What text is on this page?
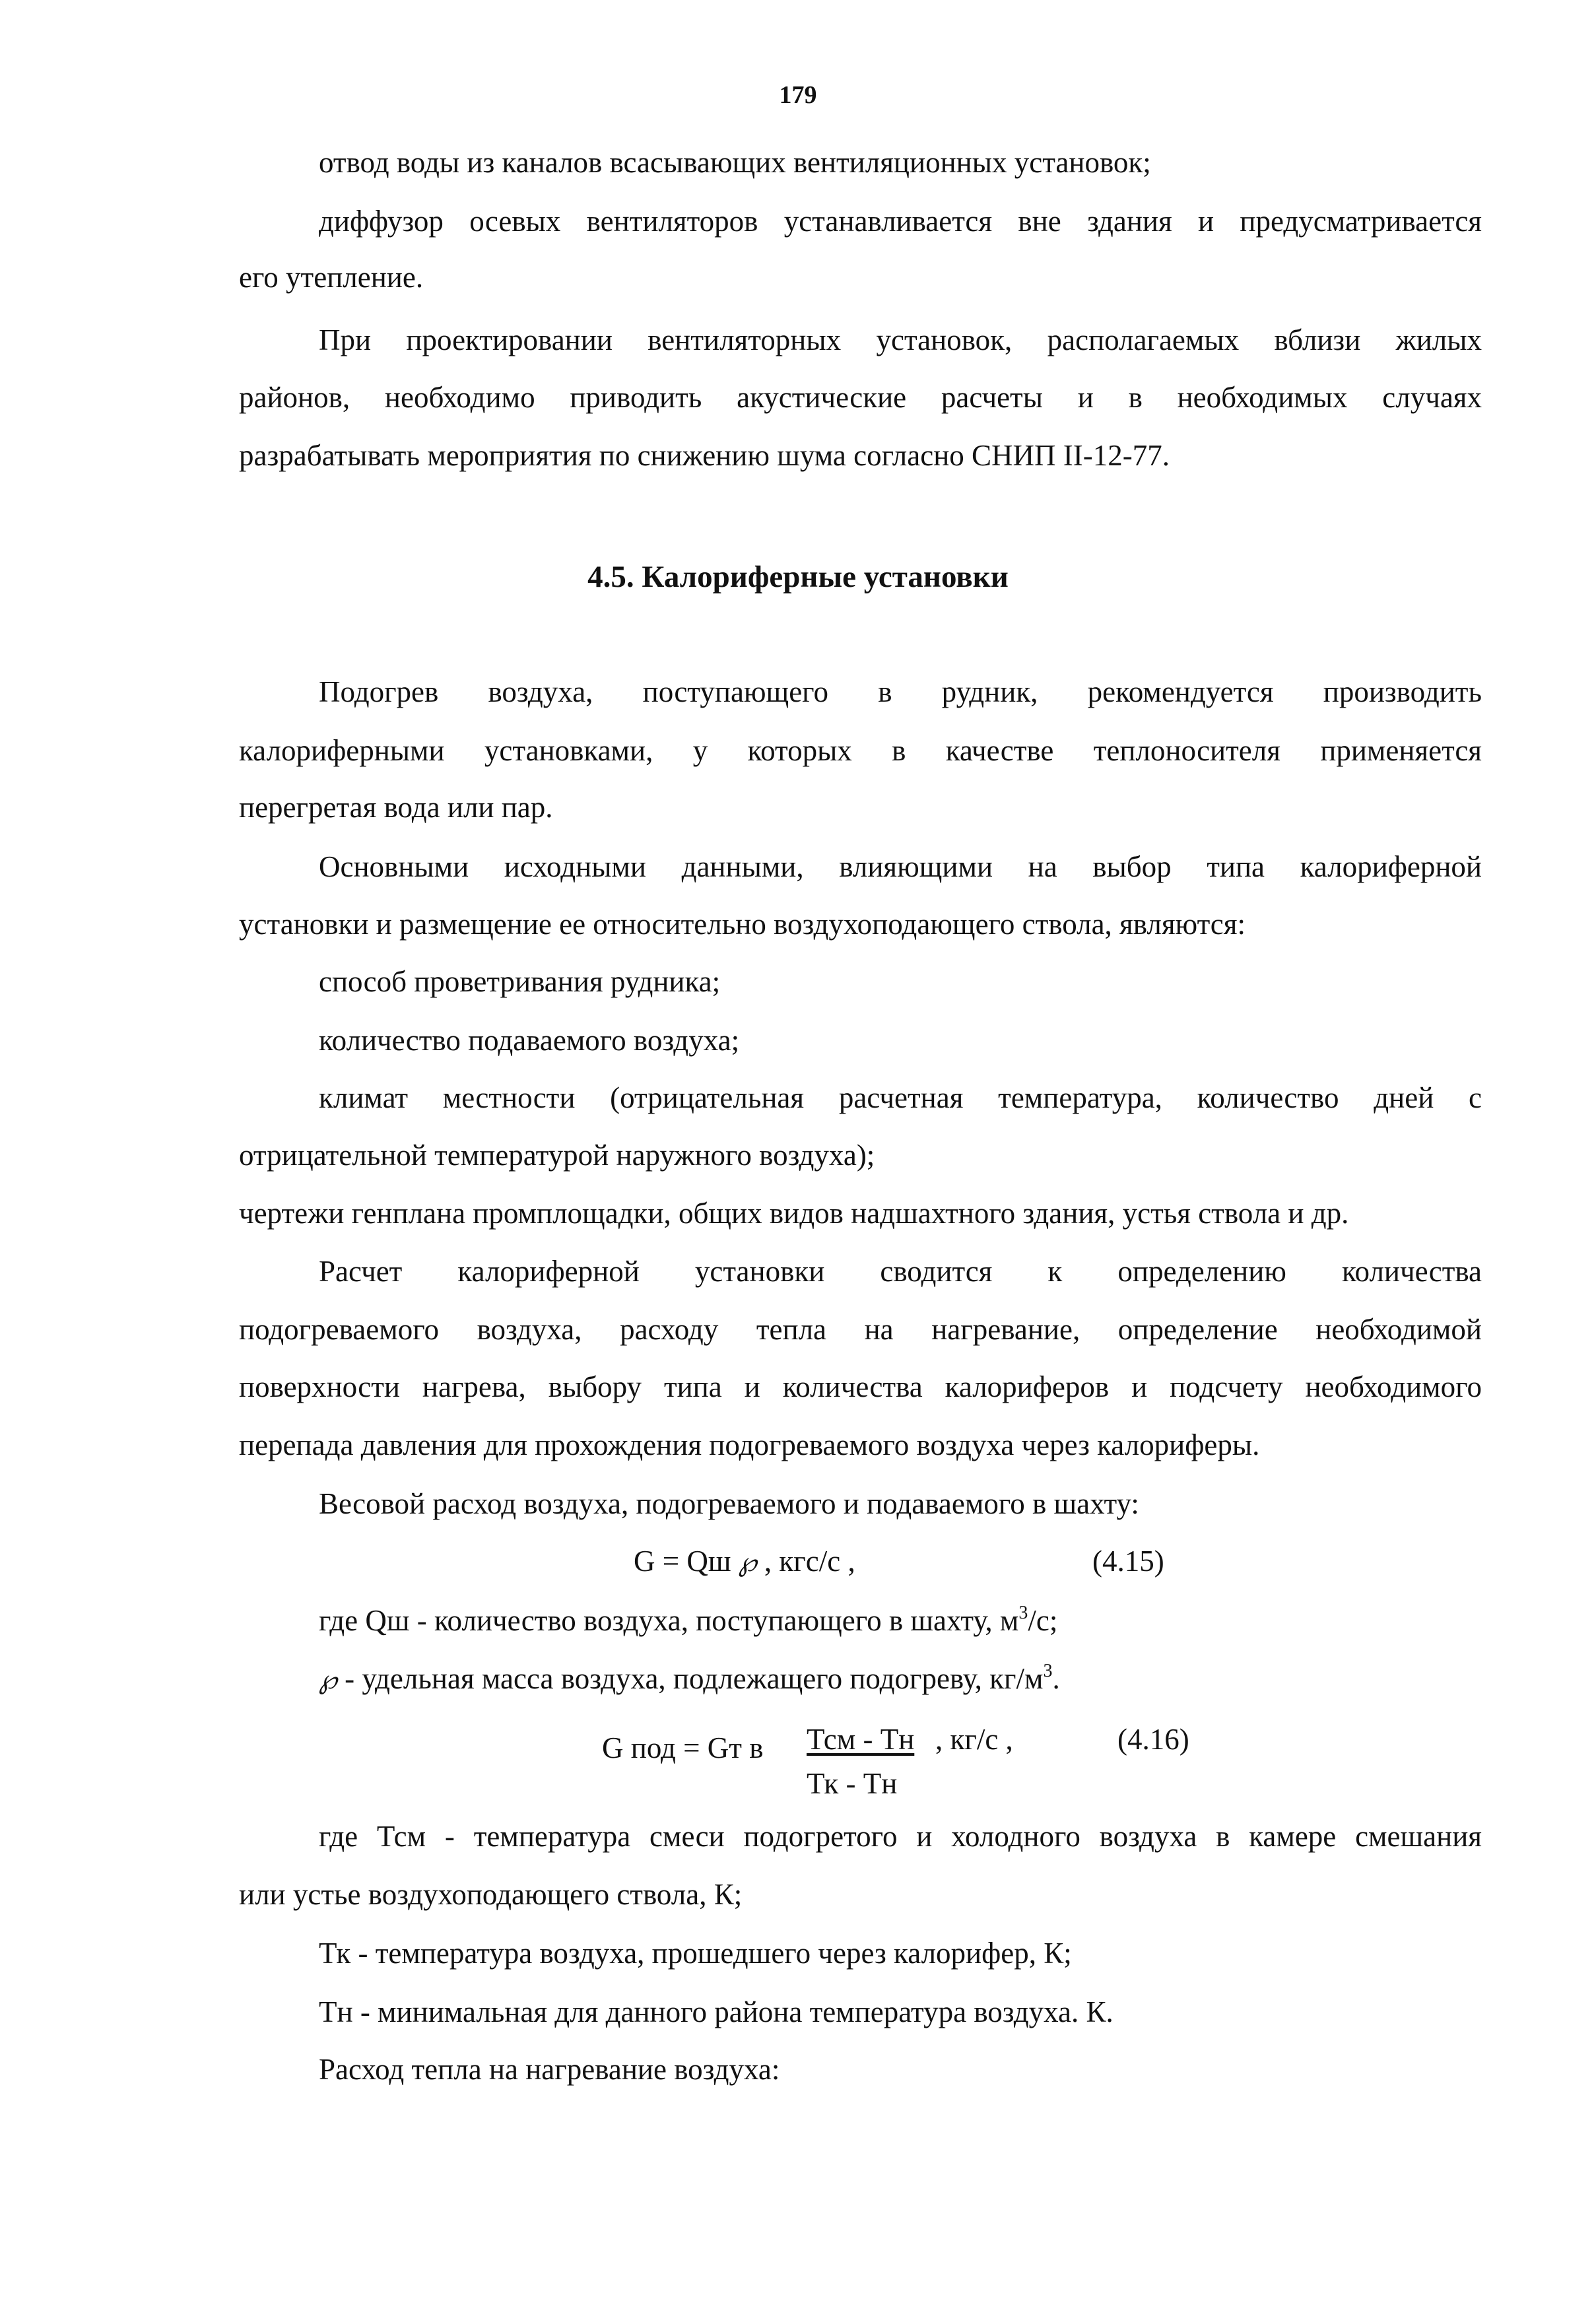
179
отвод воды из каналов всасывающих вентиляционных установок;
диффузор осевых вентиляторов устанавливается вне здания и предусматривается
его утепление.
При проектировании вентиляторных установок, располагаемых вблизи жилых
районов, необходимо приводить акустические расчеты и в необходимых случаях
разрабатывать мероприятия по снижению шума согласно СНИП II-12-77.
4.5. Калориферные установки
Подогрев воздуха, поступающего в рудник, рекомендуется производить
калориферными установками, у которых в качестве теплоносителя применяется
перегретая вода или пар.
Основными исходными данными, влияющими на выбор типа калориферной
установки и размещение ее относительно воздухоподающего ствола, являются:
способ проветривания рудника;
количество подаваемого воздуха;
климат местности (отрицательная расчетная температура, количество дней с
отрицательной температурой наружного воздуха);
чертежи генплана промплощадки, общих видов надшахтного здания, устья ствола и др.
Расчет калориферной установки сводится к определению количества
подогреваемого воздуха, расходу тепла на нагревание, определение необходимой
поверхности нагрева, выбору типа и количества калориферов и подсчету необходимого
перепада давления для прохождения подогреваемого воздуха через калориферы.
Весовой расход воздуха, подогреваемого и подаваемого в шахту:
G = Qш ℘ , кгс/с ,	(4.15)
где Qш - количество воздуха, поступающего в шахту, $м^3/с$;
℘ - удельная масса воздуха, подлежащего подогреву, $кг/м^3$.
G под = Gт в Тсм - Тн , кг/с ,	(4.16)
Тк - Тн
где Тсм - температура смеси подогретого и холодного воздуха в камере смешания
или устье воздухоподающего ствола, К;
Тк - температура воздуха, прошедшего через калорифер, К;
Тн - минимальная для данного района температура воздуха. К.
Расход тепла на нагревание воздуха:
